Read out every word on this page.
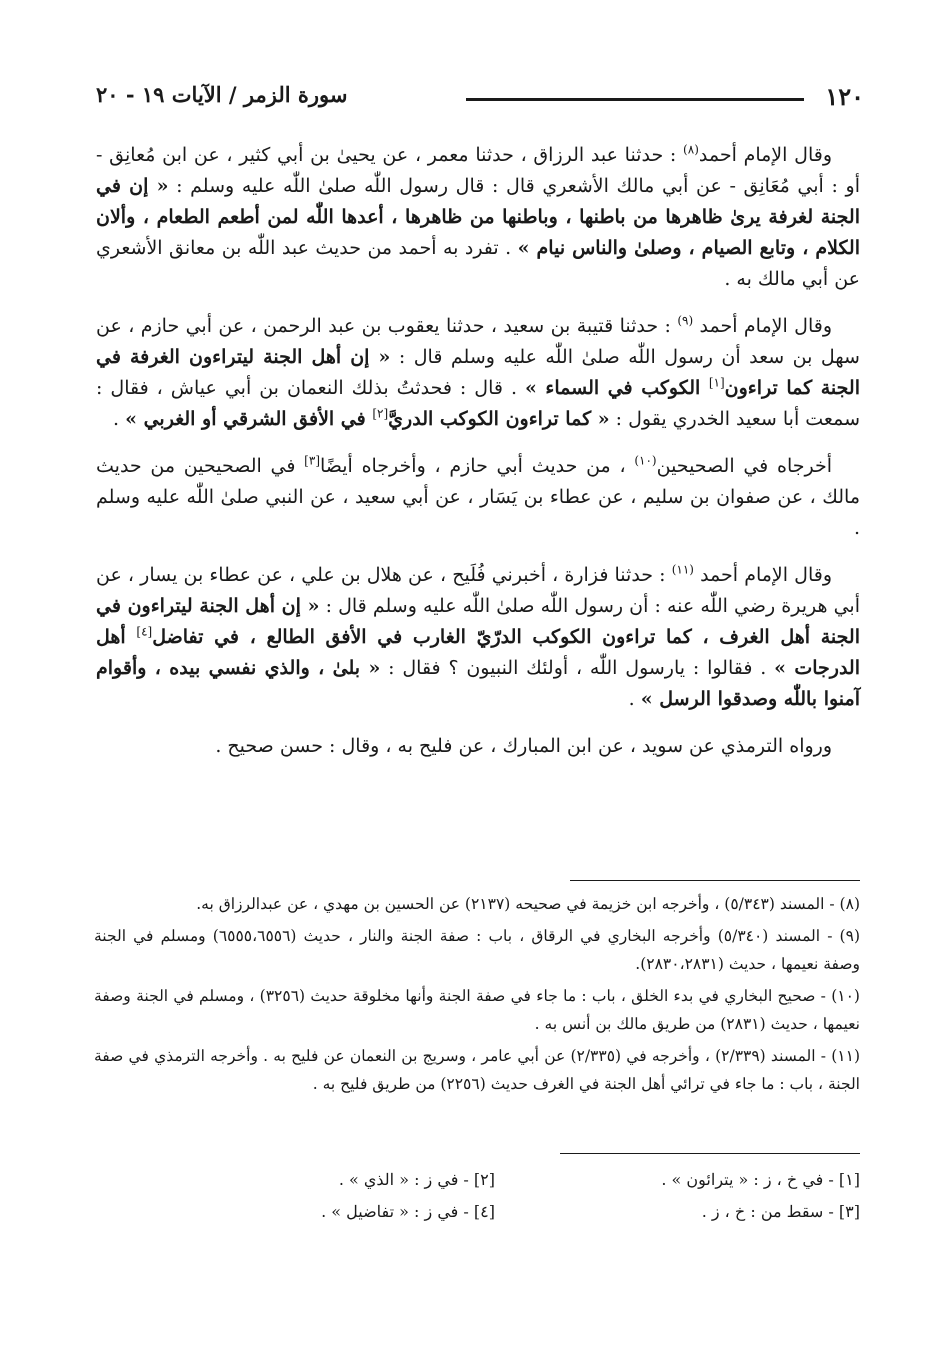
١٢٠
سورة الزمر / الآيات ١٩ - ٢٠

وقال الإمام أحمد$^{(٨)}$ : حدثنا عبد الرزاق ، حدثنا معمر ، عن يحيىٰ بن أبي كثير ، عن ابن مُعانِق - أو : أبي مُعَانِق - عن أبي مالك الأشعري قال : قال رسول اللّٰه صلىٰ اللّٰه عليه وسلم : « إن في الجنة لغرفة يرىٰ ظاهرها من باطنها ، وباطنها من ظاهرها ، أعدها اللّٰه لمن أطعم الطعام ، وألان الكلام ، وتابع الصيام ، وصلىٰ والناس نيام » . تفرد به أحمد من حديث عبد اللّٰه بن معانق الأشعري عن أبي مالك به .

وقال الإمام أحمد $^{(٩)}$ : حدثنا قتيبة بن سعيد ، حدثنا يعقوب بن عبد الرحمن ، عن أبي حازم ، عن سهل بن سعد أن رسول اللّٰه صلىٰ اللّٰه عليه وسلم قال : « إن أهل الجنة ليتراءون الغرفة في الجنة كما تراءون[١] الكوكب في السماء » . قال : فحدثتُ بذلك النعمان بن أبي عياش ، فقال : سمعت أبا سعيد الخدري يقول : « كما تراءون الكوكب الدريَّ[٢] في الأفق الشرقي أو الغربي » .

أخرجاه في الصحيحين$^{(١٠)}$ ، من حديث أبي حازم ، وأخرجاه أيضًا[٣] في الصحيحين من حديث مالك ، عن صفوان بن سليم ، عن عطاء بن يَسَار ، عن أبي سعيد ، عن النبي صلىٰ اللّٰه عليه وسلم .

وقال الإمام أحمد $^{(١١)}$ : حدثنا فزارة ، أخبرني فُلَيح ، عن هلال بن علي ، عن عطاء بن يسار ، عن أبي هريرة رضي اللّٰه عنه : أن رسول اللّٰه صلىٰ اللّٰه عليه وسلم قال : « إن أهل الجنة ليتراءون في الجنة أهل الغرف ، كما تراءون الكوكب الدرّيّ الغارب في الأفق الطالع ، في تفاضل[٤] أهل الدرجات » . فقالوا : يارسول اللّٰه ، أولئك النبيون ؟ فقال : « بلىٰ ، والذي نفسي بيده ، وأقوام آمنوا باللّٰه وصدقوا الرسل » .

ورواه الترمذي عن سويد ، عن ابن المبارك ، عن فليح به ، وقال : حسن صحيح .

(٨) - المسند (٥/٣٤٣) ، وأخرجه ابن خزيمة في صحيحه (٢١٣٧) عن الحسين بن مهدي ، عن عبدالرزاق به.

(٩) - المسند (٥/٣٤٠) وأخرجه البخاري في الرقاق ، باب : صفة الجنة والنار ، حديث (٦٥٥٥،٦٥٥٦) ومسلم في الجنة وصفة نعيمها ، حديث (٢٨٣٠،٢٨٣١).

(١٠) - صحيح البخاري في بدء الخلق ، باب : ما جاء في صفة الجنة وأنها مخلوقة حديث (٣٢٥٦) ، ومسلم في الجنة وصفة نعيمها ، حديث (٢٨٣١) من طريق مالك بن أنس به .

(١١) - المسند (٢/٣٣٩) ، وأخرجه في (٢/٣٣٥) عن أبي عامر ، وسريج بن النعمان عن فليح به . وأخرجه الترمذي في صفة الجنة ، باب : ما جاء في ترائي أهل الجنة في الغرف حديث (٢٢٥٦) من طريق فليح به .

[١] - في خ ، ز : « يترائون » .
[٢] - في ز : « الذي » .
[٣] - سقط من : خ ، ز .
[٤] - في ز : « تفاضيل » .
